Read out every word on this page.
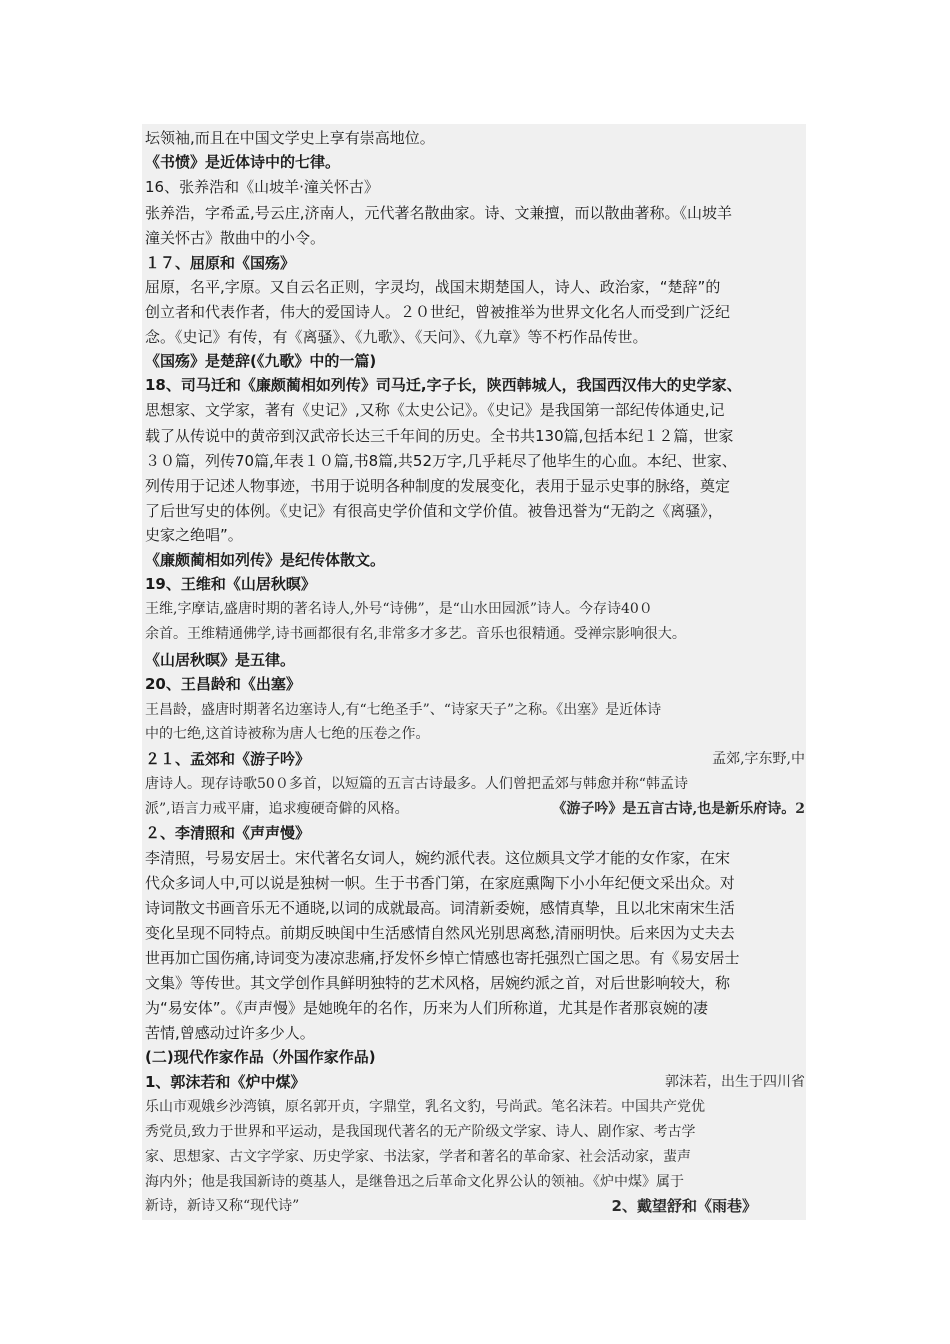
坛领袖,而且在中国文学史上享有崇高地位。
《书愤》是近体诗中的七律。
16、张养浩和《山坡羊·潼关怀古》
张养浩，字希孟,号云庄,济南人，元代著名散曲家。诗、文兼擅，而以散曲著称。《山坡羊
潼关怀古》散曲中的小令。
１７、屈原和《国殇》
屈原，名平,字原。又自云名正则，字灵均，战国末期楚国人，诗人、政治家，“楚辞”的
创立者和代表作者，伟大的爱国诗人。２０世纪，曾被推举为世界文化名人而受到广泛纪
念。《史记》有传，有《离骚》、《九歌》、《天问》、《九章》等不朽作品传世。
《国殇》是楚辞(《九歌》中的一篇)
18、司马迁和《廉颇蔺相如列传》司马迁,字子长，陕西韩城人，我国西汉伟大的史学家、
思想家、文学家，著有《史记》,又称《太史公记》。《史记》是我国第一部纪传体通史,记
载了从传说中的黄帝到汉武帝长达三千年间的历史。全书共130篇,包括本纪１２篇，世家
３０篇，列传70篇,年表１０篇,书8篇,共52万字,几乎耗尽了他毕生的心血。本纪、世家、
列传用于记述人物事迹，书用于说明各种制度的发展变化，表用于显示史事的脉络，奠定
了后世写史的体例。《史记》有很高史学价值和文学价值。被鲁迅誉为“无韵之《离骚》，
史家之绝唱”。
《廉颇蔺相如列传》是纪传体散文。
19、王维和《山居秋暝》
王维,字摩诘,盛唐时期的著名诗人,外号“诗佛”，是“山水田园派”诗人。今存诗40０
余首。王维精通佛学,诗书画都很有名,非常多才多艺。音乐也很精通。受禅宗影响很大。
《山居秋暝》是五律。
20、王昌龄和《出塞》
王昌龄，盛唐时期著名边塞诗人,有“七绝圣手”、“诗家天子”之称。《出塞》是近体诗
中的七绝,这首诗被称为唐人七绝的压卷之作。
２１、孟郊和《游子吟》	孟郊,字东野,中
唐诗人。现存诗歌50０多首，以短篇的五言古诗最多。人们曾把孟郊与韩愈并称“韩孟诗
派”,语言力戒平庸，追求瘦硬奇僻的风格。	《游子吟》是五言古诗,也是新乐府诗。2
２、李清照和《声声慢》
李清照，号易安居士。宋代著名女词人，婉约派代表。这位颇具文学才能的女作家，在宋
代众多词人中,可以说是独树一帜。生于书香门第，在家庭熏陶下小小年纪便文采出众。对
诗词散文书画音乐无不通晓,以词的成就最高。词清新委婉，感情真挚，且以北宋南宋生活
变化呈现不同特点。前期反映闺中生活感情自然风光别思离愁,清丽明快。后来因为丈夫去
世再加亡国伤痛,诗词变为凄凉悲痛,抒发怀乡悼亡情感也寄托强烈亡国之思。有《易安居士
文集》等传世。其文学创作具鲜明独特的艺术风格，居婉约派之首，对后世影响较大，称
为“易安体”。《声声慢》是她晚年的名作，历来为人们所称道，尤其是作者那哀婉的凄
苦情,曾感动过许多少人。
(二)现代作家作品（外国作家作品)
1、郭沫若和《炉中煤》	郭沫若，出生于四川省
乐山市观娥乡沙湾镇，原名郭开贞，字鼎堂，乳名文豹，号尚武。笔名沫若。中国共产党优
秀党员,致力于世界和平运动，是我国现代著名的无产阶级文学家、诗人、剧作家、考古学
家、思想家、古文字学家、历史学家、书法家，学者和著名的革命家、社会活动家，蜚声
海内外；他是我国新诗的奠基人，是继鲁迅之后革命文化界公认的领袖。《炉中煤》属于
新诗，新诗又称“现代诗”	2、戴望舒和《雨巷》
